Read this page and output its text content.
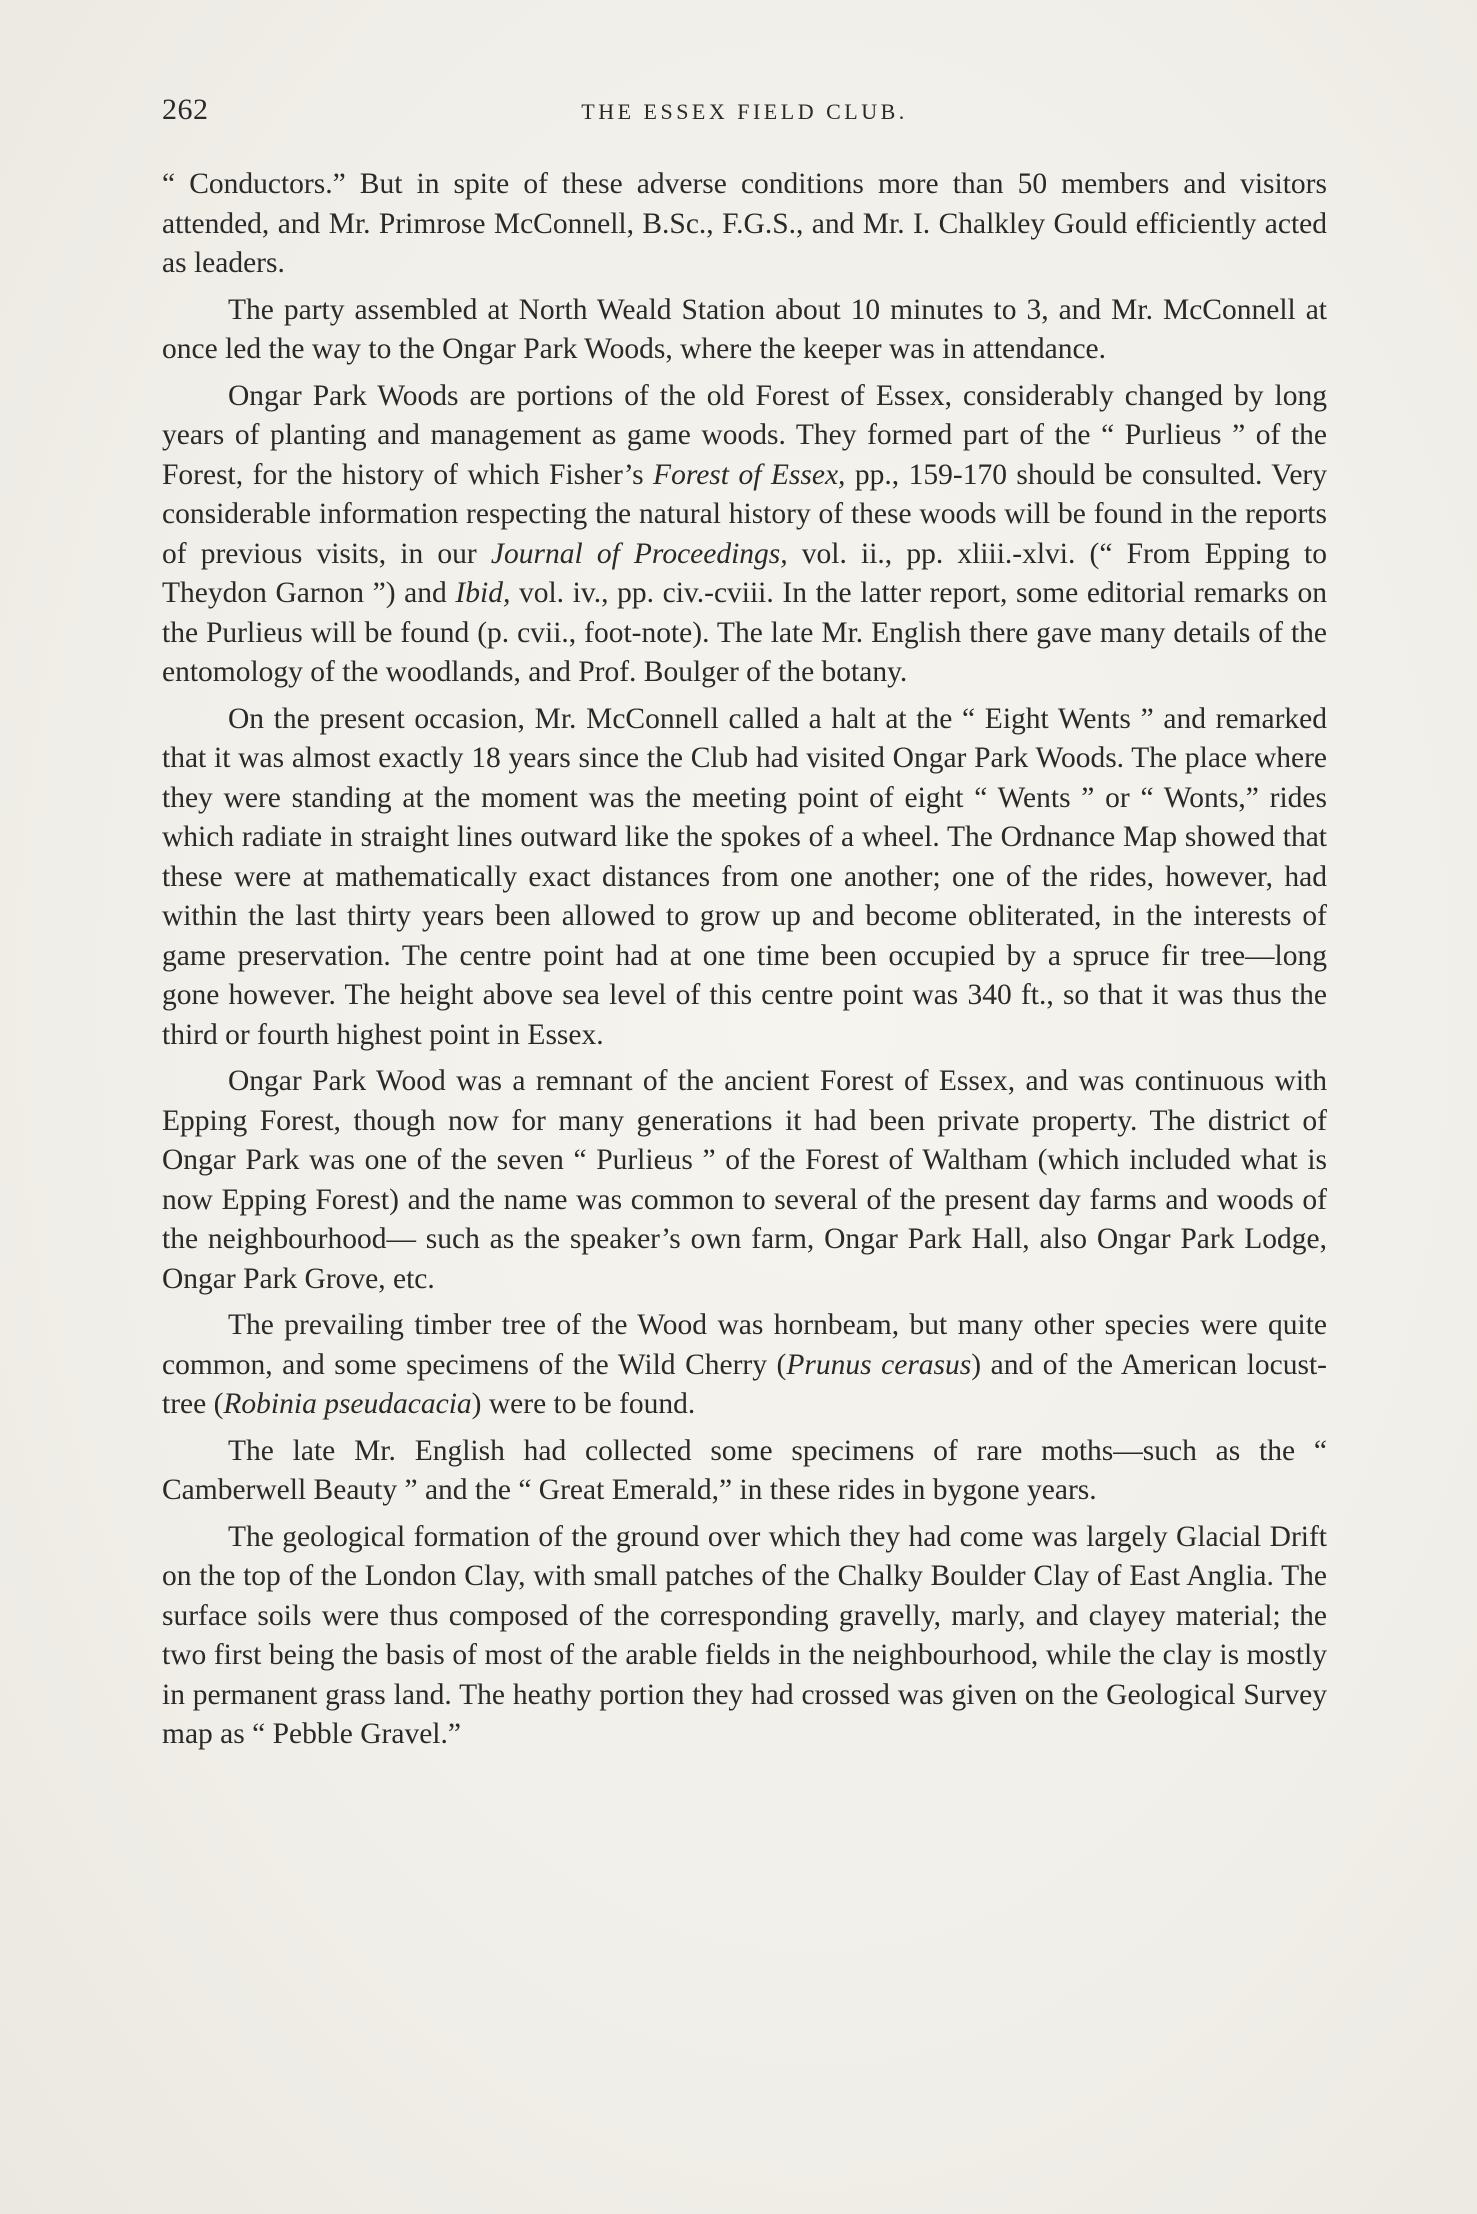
262	THE ESSEX FIELD CLUB.

“ Conductors.” But in spite of these adverse conditions more than 50 members and visitors attended, and Mr. Primrose McConnell, B.Sc., F.G.S., and Mr. I. Chalkley Gould efficiently acted as leaders.

The party assembled at North Weald Station about 10 minutes to 3, and Mr. McConnell at once led the way to the Ongar Park Woods, where the keeper was in attendance.

Ongar Park Woods are portions of the old Forest of Essex, considerably changed by long years of planting and management as game woods. They formed part of the “ Purlieus ” of the Forest, for the history of which Fisher’s Forest of Essex, pp., 159-170 should be consulted. Very considerable information respecting the natural history of these woods will be found in the reports of previous visits, in our Journal of Proceedings, vol. ii., pp. xliii.-xlvi. (“ From Epping to Theydon Garnon ”) and Ibid, vol. iv., pp. civ.-cviii. In the latter report, some editorial remarks on the Purlieus will be found (p. cvii., foot-note). The late Mr. English there gave many details of the entomology of the woodlands, and Prof. Boulger of the botany.

On the present occasion, Mr. McConnell called a halt at the “ Eight Wents ” and remarked that it was almost exactly 18 years since the Club had visited Ongar Park Woods. The place where they were standing at the moment was the meeting point of eight “ Wents ” or “ Wonts,” rides which radiate in straight lines outward like the spokes of a wheel. The Ordnance Map showed that these were at mathematically exact distances from one another; one of the rides, however, had within the last thirty years been allowed to grow up and become obliterated, in the interests of game preservation. The centre point had at one time been occupied by a spruce fir tree—long gone however. The height above sea level of this centre point was 340 ft., so that it was thus the third or fourth highest point in Essex.

Ongar Park Wood was a remnant of the ancient Forest of Essex, and was continuous with Epping Forest, though now for many generations it had been private property. The district of Ongar Park was one of the seven “ Purlieus ” of the Forest of Waltham (which included what is now Epping Forest) and the name was common to several of the present day farms and woods of the neighbourhood— such as the speaker’s own farm, Ongar Park Hall, also Ongar Park Lodge, Ongar Park Grove, etc.

The prevailing timber tree of the Wood was hornbeam, but many other species were quite common, and some specimens of the Wild Cherry (Prunus cerasus) and of the American locust-tree (Robinia pseudacacia) were to be found.

The late Mr. English had collected some specimens of rare moths—such as the “ Camberwell Beauty ” and the “ Great Emerald,” in these rides in bygone years.

The geological formation of the ground over which they had come was largely Glacial Drift on the top of the London Clay, with small patches of the Chalky Boulder Clay of East Anglia. The surface soils were thus composed of the corresponding gravelly, marly, and clayey material; the two first being the basis of most of the arable fields in the neighbourhood, while the clay is mostly in permanent grass land. The heathy portion they had crossed was given on the Geological Survey map as “ Pebble Gravel.”
